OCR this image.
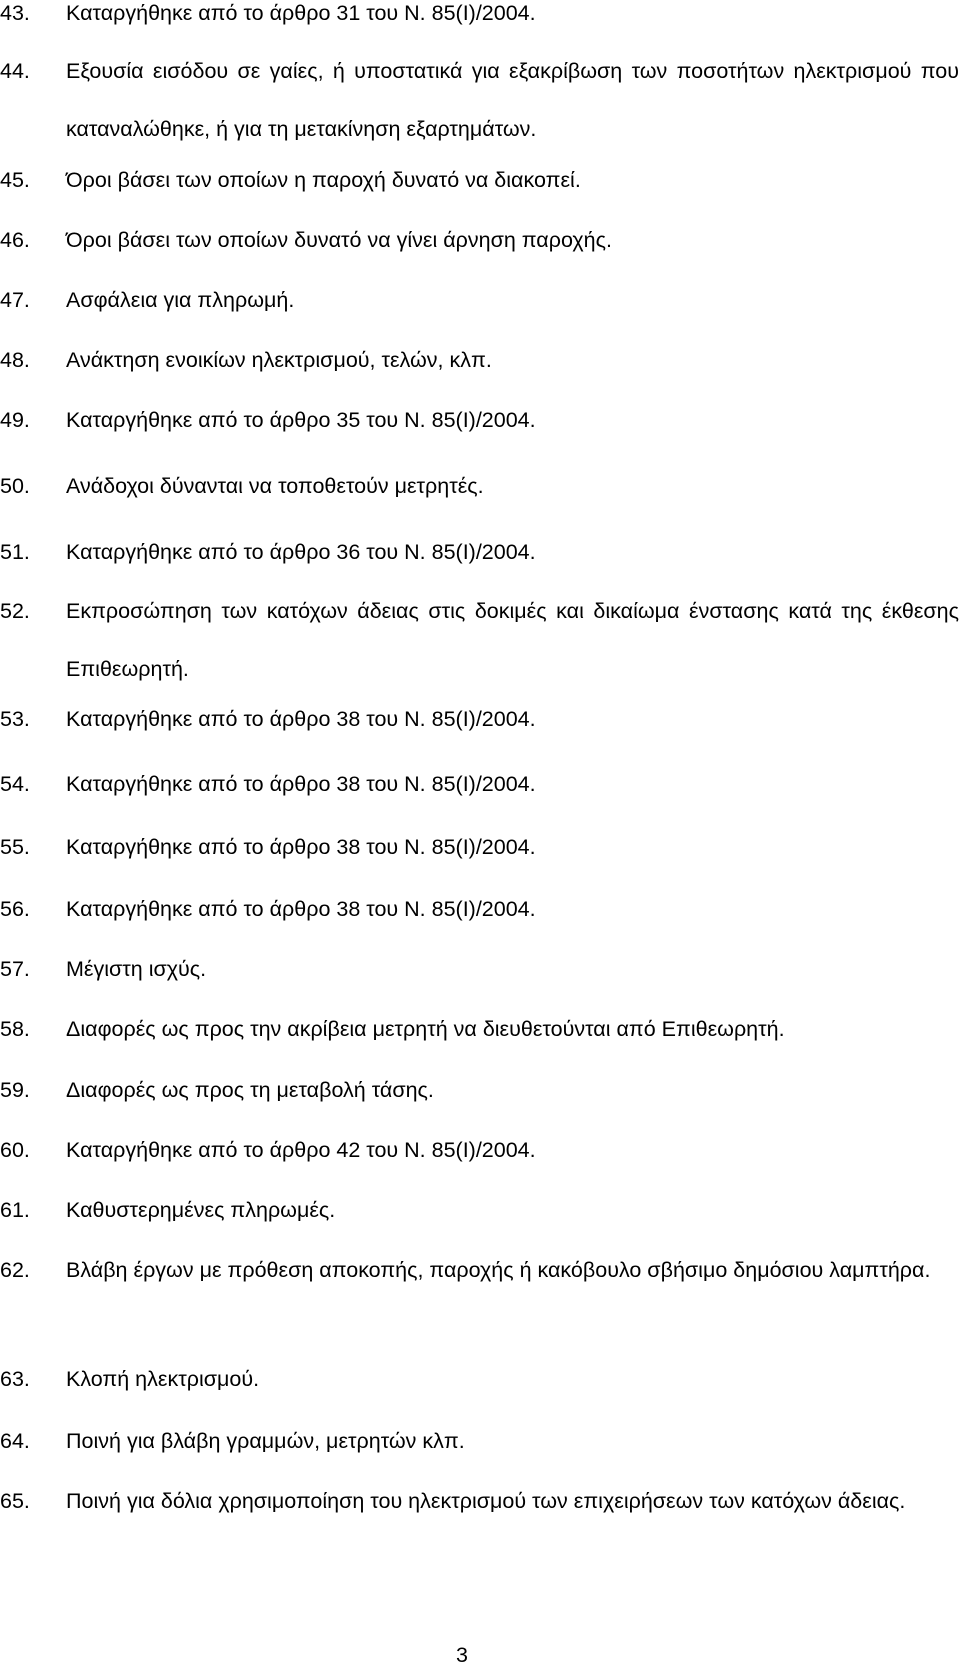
43. Καταργήθηκε από το άρθρο 31 του Ν. 85(Ι)/2004.
44. Εξουσία εισόδου σε γαίες, ή υποστατικά για εξακρίβωση των ποσοτήτων ηλεκτρισμού που καταναλώθηκε, ή για τη μετακίνηση εξαρτημάτων.
45. Όροι βάσει των οποίων η παροχή δυνατό να διακοπεί.
46. Όροι βάσει των οποίων δυνατό να γίνει άρνηση παροχής.
47. Ασφάλεια για πληρωμή.
48. Ανάκτηση ενοικίων ηλεκτρισμού, τελών, κλπ.
49. Καταργήθηκε από το άρθρο 35 του Ν. 85(Ι)/2004.
50. Ανάδοχοι δύνανται να τοποθετούν μετρητές.
51. Καταργήθηκε από το άρθρο 36 του Ν. 85(Ι)/2004.
52. Εκπροσώπηση των κατόχων άδειας στις δοκιμές και δικαίωμα ένστασης κατά της έκθεσης Επιθεωρητή.
53. Καταργήθηκε από το άρθρο 38 του Ν. 85(Ι)/2004.
54. Καταργήθηκε από το άρθρο 38 του Ν. 85(Ι)/2004.
55. Καταργήθηκε από το άρθρο 38 του Ν. 85(Ι)/2004.
56. Καταργήθηκε από το άρθρο 38 του Ν. 85(Ι)/2004.
57. Μέγιστη ισχύς.
58. Διαφορές ως προς την ακρίβεια μετρητή να διευθετούνται από Επιθεωρητή.
59. Διαφορές ως προς τη μεταβολή τάσης.
60. Καταργήθηκε από το άρθρο 42 του Ν. 85(Ι)/2004.
61. Καθυστερημένες πληρωμές.
62. Βλάβη έργων με πρόθεση αποκοπής, παροχής ή κακόβουλο σβήσιμο δημόσιου λαμπτήρα.
63. Κλοπή ηλεκτρισμού.
64. Ποινή για βλάβη γραμμών, μετρητών κλπ.
65. Ποινή για δόλια χρησιμοποίηση του ηλεκτρισμού των επιχειρήσεων των κατόχων άδειας.
3
